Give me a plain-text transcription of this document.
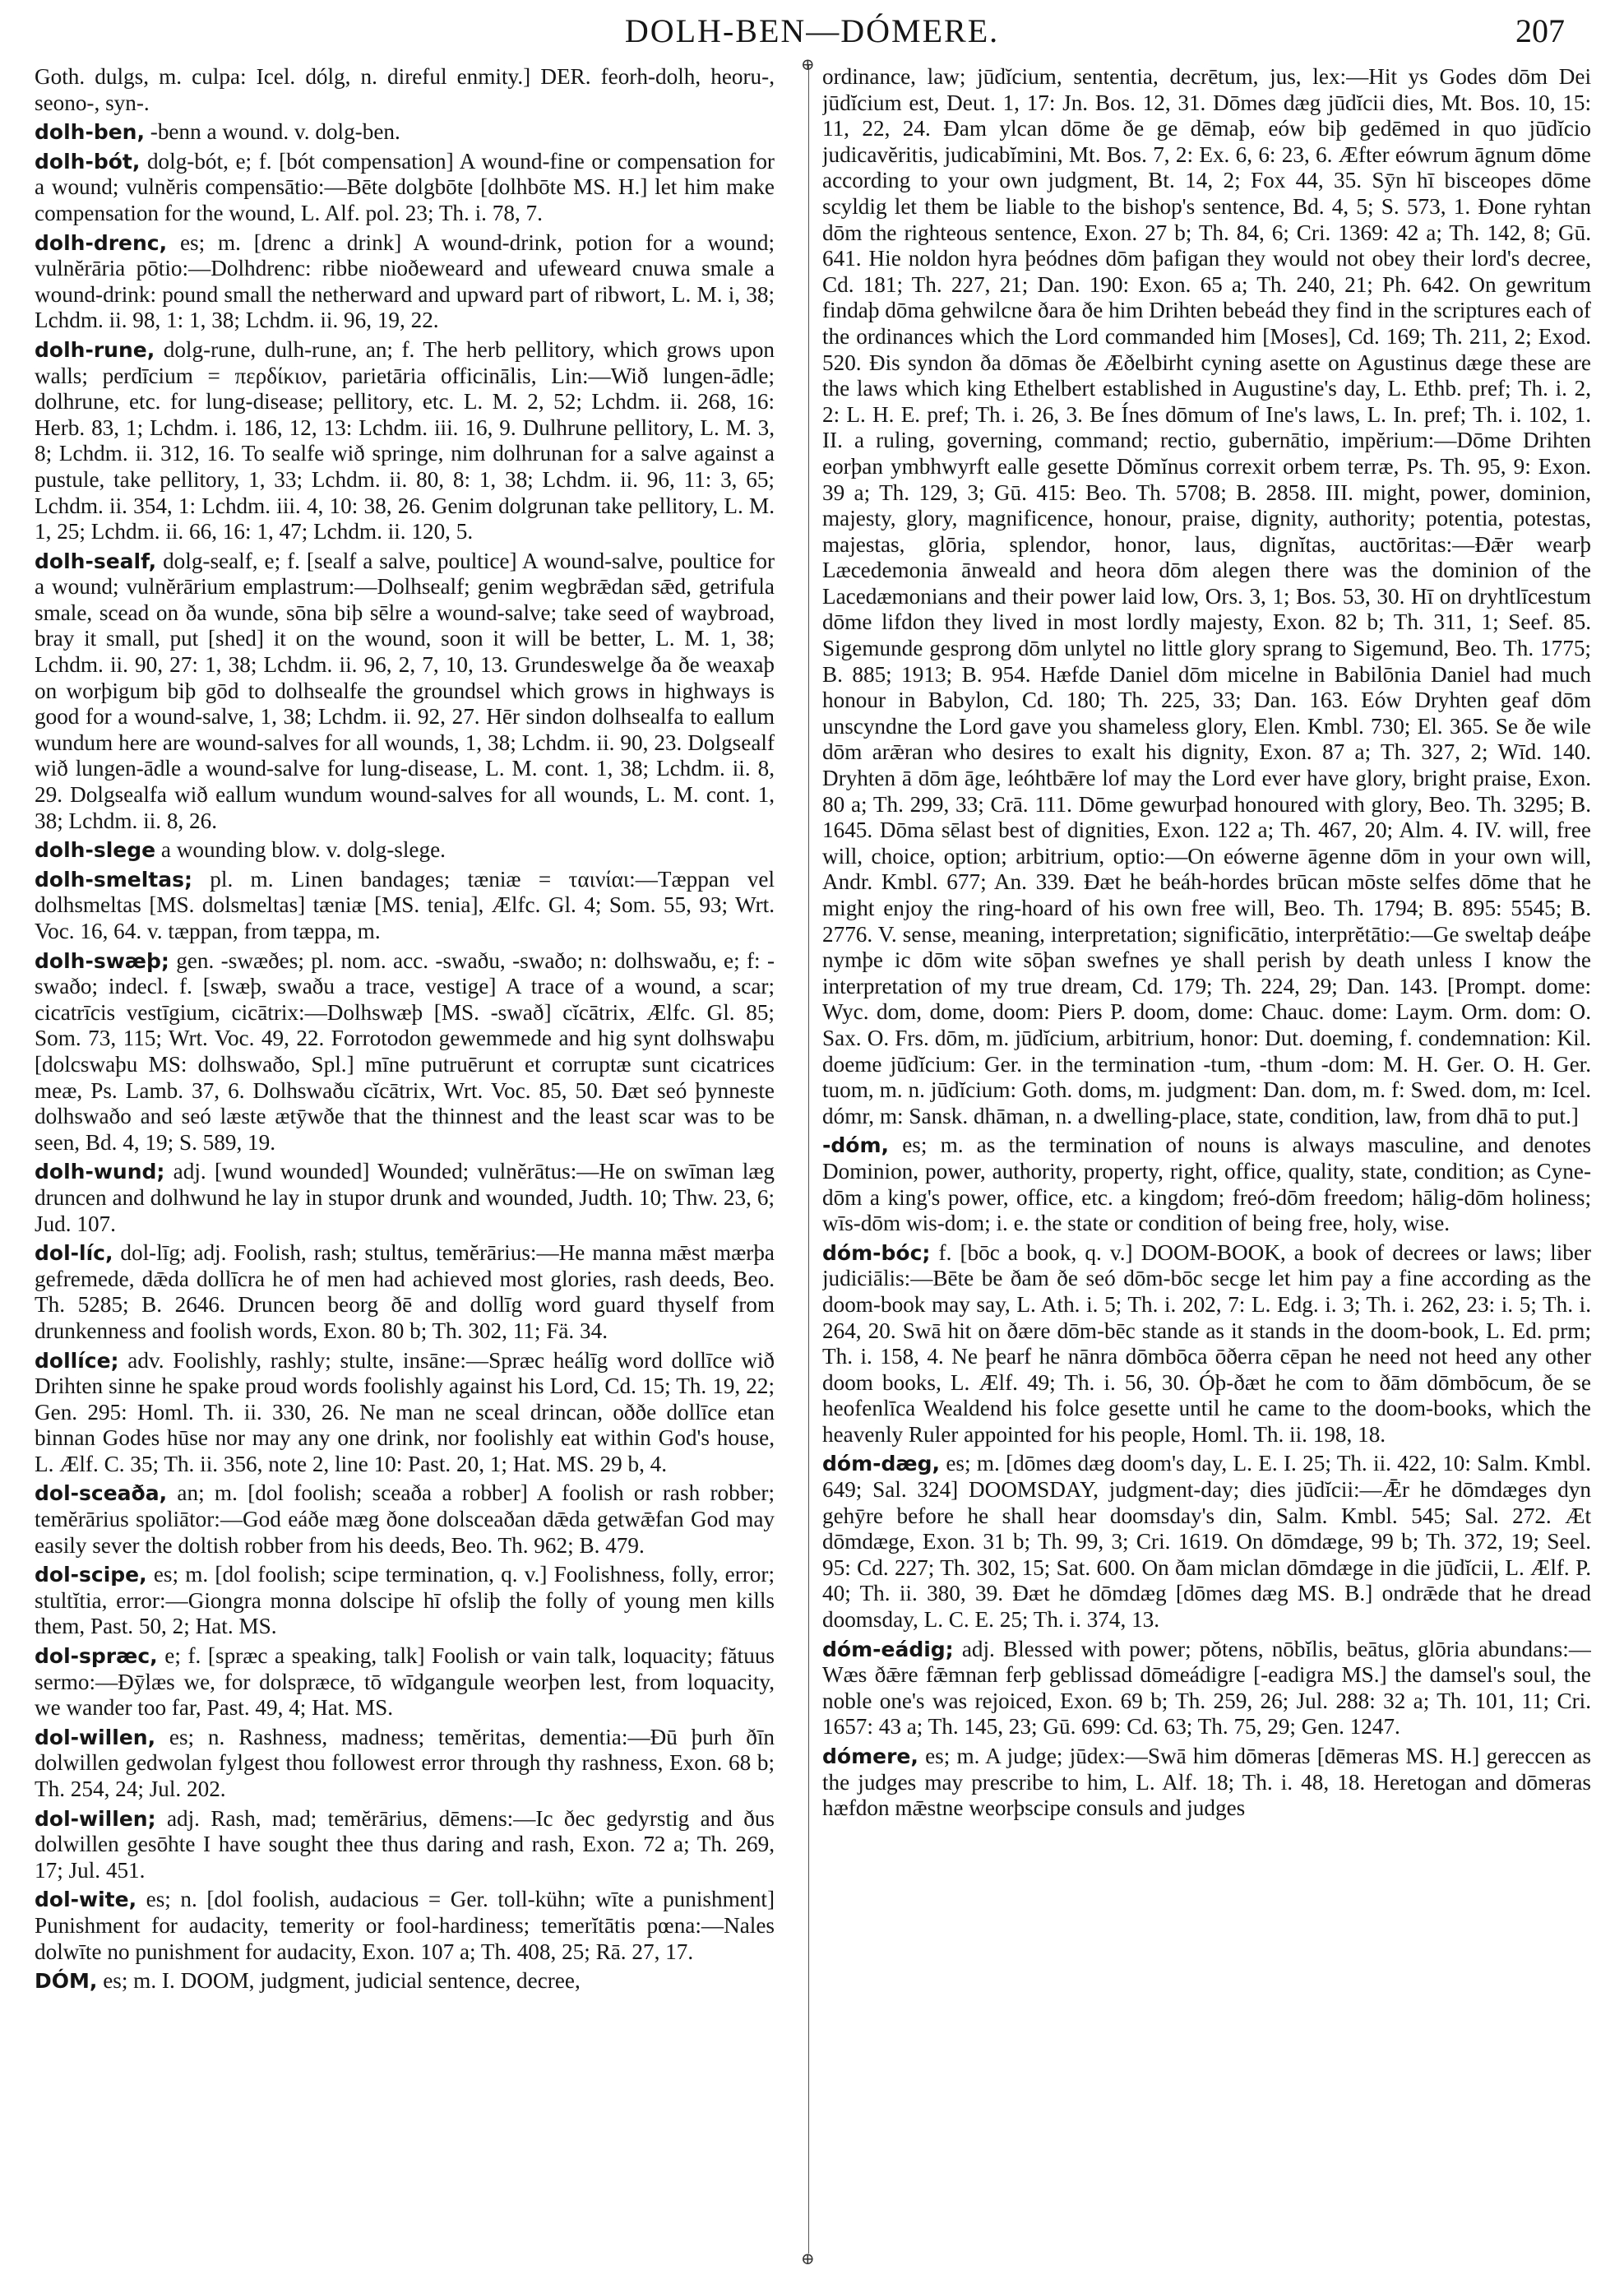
DOLH-BEN—DÓMERE.	207

Goth. dulgs, m. culpa: Icel. dólg, n. direful enmity.] DER. feorh-dolh, heoru-, seono-, syn-.

dolh-ben, -benn a wound. v. dolg-ben.

dolh-bót, dolg-bót, e; f. [bót compensation] A wound-fine or compensation for a wound; vulnĕris compensātio:—Bēte dolgbōte [dolhbōte MS. H.] let him make compensation for the wound, L. Alf. pol. 23; Th. i. 78, 7.

dolh-drenc, es; m. [drenc a drink] A wound-drink, potion for a wound; vulnĕrāria pōtio:—Dolhdrenc: ribbe nioðeweard and ufeweard cnuwa smale a wound-drink: pound small the netherward and upward part of ribwort, L. M. i, 38; Lchdm. ii. 98, 1: 1, 38; Lchdm. ii. 96, 19, 22.

dolh-rune, dolg-rune, dulh-rune, an; f. The herb pellitory, which grows upon walls; perdīcium = περδίκιον, parietāria officinālis, Lin:—Wið lungen-ādle; dolhrune, etc. for lung-disease; pellitory, etc. L. M. 2, 52; Lchdm. ii. 268, 16: Herb. 83, 1; Lchdm. i. 186, 12, 13: Lchdm. iii. 16, 9. Dulhrune pellitory, L. M. 3, 8; Lchdm. ii. 312, 16. To sealfe wið springe, nim dolhrunan for a salve against a pustule, take pellitory, 1, 33; Lchdm. ii. 80, 8: 1, 38; Lchdm. ii. 96, 11: 3, 65; Lchdm. ii. 354, 1: Lchdm. iii. 4, 10: 38, 26. Genim dolgrunan take pellitory, L. M. 1, 25; Lchdm. ii. 66, 16: 1, 47; Lchdm. ii. 120, 5.

dolh-sealf, dolg-sealf, e; f. [sealf a salve, poultice] A wound-salve, poultice for a wound; vulnĕrārium emplastrum:—Dolhsealf; genim wegbrǣdan sǣd, getrifula smale, scead on ða wunde, sōna biþ sēlre a wound-salve; take seed of waybroad, bray it small, put [shed] it on the wound, soon it will be better, L. M. 1, 38; Lchdm. ii. 90, 27: 1, 38; Lchdm. ii. 96, 2, 7, 10, 13. Grundeswelge ða ðe weaxaþ on worþigum biþ gōd to dolhsealfe the groundsel which grows in highways is good for a wound-salve, 1, 38; Lchdm. ii. 92, 27. Hēr sindon dolhsealfa to eallum wundum here are wound-salves for all wounds, 1, 38; Lchdm. ii. 90, 23. Dolgsealf wið lungen-ādle a wound-salve for lung-disease, L. M. cont. 1, 38; Lchdm. ii. 8, 29. Dolgsealfa wið eallum wundum wound-salves for all wounds, L. M. cont. 1, 38; Lchdm. ii. 8, 26.

dolh-slege a wounding blow. v. dolg-slege.

dolh-smeltas; pl. m. Linen bandages; tæniæ = ταινίαι:—Tæppan vel dolhsmeltas [MS. dolsmeltas] tæniæ [MS. tenia], Ælfc. Gl. 4; Som. 55, 93; Wrt. Voc. 16, 64. v. tæppan, from tæppa, m.

dolh-swæþ; gen. -swæðes; pl. nom. acc. -swaðu, -swaðo; n: dolhswaðu, e; f: -swaðo; indecl. f. [swæþ, swaðu a trace, vestige] A trace of a wound, a scar; cicatrīcis vestīgium, cicātrix:—Dolhswæþ [MS. -swað] cĭcātrix, Ælfc. Gl. 85; Som. 73, 115; Wrt. Voc. 49, 22. Forrotodon gewemmede and hig synt dolhswaþu [dolcswaþu MS: dolhswaðo, Spl.] mīne putruērunt et corruptæ sunt cicatrices meæ, Ps. Lamb. 37, 6. Dolhswaðu cĭcātrix, Wrt. Voc. 85, 50. Ðæt seó þynneste dolhswaðo and seó læste ætȳwðe that the thinnest and the least scar was to be seen, Bd. 4, 19; S. 589, 19.

dolh-wund; adj. [wund wounded] Wounded; vulnĕrātus:—He on swīman læg druncen and dolhwund he lay in stupor drunk and wounded, Judth. 10; Thw. 23, 6; Jud. 107.

dol-líc, dol-līg; adj. Foolish, rash; stultus, temĕrārius:—He manna mǣst mærþa gefremede, dǣda dollīcra he of men had achieved most glories, rash deeds, Beo. Th. 5285; B. 2646. Druncen beorg ðē and dollīg word guard thyself from drunkenness and foolish words, Exon. 80 b; Th. 302, 11; Fä. 34.

dollíce; adv. Foolishly, rashly; stulte, insāne:—Spræc heálīg word dollīce wið Drihten sinne he spake proud words foolishly against his Lord, Cd. 15; Th. 19, 22; Gen. 295: Homl. Th. ii. 330, 26. Ne man ne sceal drincan, oððe dollīce etan binnan Godes hūse nor may any one drink, nor foolishly eat within God's house, L. Ælf. C. 35; Th. ii. 356, note 2, line 10: Past. 20, 1; Hat. MS. 29 b, 4.

dol-sceaða, an; m. [dol foolish; sceaða a robber] A foolish or rash robber; temĕrārius spoliātor:—God eáðe mæg ðone dolsceaðan dǣda getwǣfan God may easily sever the doltish robber from his deeds, Beo. Th. 962; B. 479.

dol-scipe, es; m. [dol foolish; scipe termination, q. v.] Foolishness, folly, error; stultĭtia, error:—Giongra monna dolscipe hī ofsliþ the folly of young men kills them, Past. 50, 2; Hat. MS.

dol-spræc, e; f. [spræc a speaking, talk] Foolish or vain talk, loquacity; fătuus sermo:—Ðȳlæs we, for dolspræce, tō wīdgangule weorþen lest, from loquacity, we wander too far, Past. 49, 4; Hat. MS.

dol-willen, es; n. Rashness, madness; temĕritas, dementia:—Ðū þurh ðīn dolwillen gedwolan fylgest thou followest error through thy rashness, Exon. 68 b; Th. 254, 24; Jul. 202.

dol-willen; adj. Rash, mad; temĕrārius, dēmens:—Ic ðec gedyrstig and ðus dolwillen gesōhte I have sought thee thus daring and rash, Exon. 72 a; Th. 269, 17; Jul. 451.

dol-wite, es; n. [dol foolish, audacious = Ger. toll-kühn; wīte a punishment] Punishment for audacity, temerity or fool-hardiness; temerĭtātis pœna:—Nales dolwīte no punishment for audacity, Exon. 107 a; Th. 408, 25; Rā. 27, 17.

DÓM, es; m. I. DOOM, judgment, judicial sentence, decree,

ordinance, law; jūdĭcium, sententia, decrētum, jus, lex:—Hit ys Godes dōm Dei jūdĭcium est, Deut. 1, 17: Jn. Bos. 12, 31. Dōmes dæg jūdĭcii dies, Mt. Bos. 10, 15: 11, 22, 24. Ðam ylcan dōme ðe ge dēmaþ, eów biþ gedēmed in quo jūdĭcio judicavĕritis, judicabĭmini, Mt. Bos. 7, 2: Ex. 6, 6: 23, 6. Æfter eówrum āgnum dōme according to your own judgment, Bt. 14, 2; Fox 44, 35. Sȳn hī bisceopes dōme scyldig let them be liable to the bishop's sentence, Bd. 4, 5; S. 573, 1. Ðone ryhtan dōm the righteous sentence, Exon. 27 b; Th. 84, 6; Cri. 1369: 42 a; Th. 142, 8; Gū. 641. Hie noldon hyra þeódnes dōm þafigan they would not obey their lord's decree, Cd. 181; Th. 227, 21; Dan. 190: Exon. 65 a; Th. 240, 21; Ph. 642. On gewritum findaþ dōma gehwilcne ðara ðe him Drihten bebeád they find in the scriptures each of the ordinances which the Lord commanded him [Moses], Cd. 169; Th. 211, 2; Exod. 520. Ðis syndon ða dōmas ðe Æðelbirht cyning asette on Agustinus dæge these are the laws which king Ethelbert established in Augustine's day, L. Ethb. pref; Th. i. 2, 2: L. H. E. pref; Th. i. 26, 3. Be Ínes dōmum of Ine's laws, L. In. pref; Th. i. 102, 1. II. a ruling, governing, command; rectio, gubernātio, impĕrium:—Dōme Drihten eorþan ymbhwyrft ealle gesette Dŏmĭnus correxit orbem terræ, Ps. Th. 95, 9: Exon. 39 a; Th. 129, 3; Gū. 415: Beo. Th. 5708; B. 2858. III. might, power, dominion, majesty, glory, magnificence, honour, praise, dignity, authority; potentia, potestas, majestas, glōria, splendor, honor, laus, dignĭtas, auctōritas:—Ðǣr wearþ Læcedemonia ānweald and heora dōm alegen there was the dominion of the Lacedæmonians and their power laid low, Ors. 3, 1; Bos. 53, 30. Hī on dryhtlīcestum dōme lifdon they lived in most lordly majesty, Exon. 82 b; Th. 311, 1; Seef. 85. Sigemunde gesprong dōm unlytel no little glory sprang to Sigemund, Beo. Th. 1775; B. 885; 1913; B. 954. Hæfde Daniel dōm micelne in Babilōnia Daniel had much honour in Babylon, Cd. 180; Th. 225, 33; Dan. 163. Eów Dryhten geaf dōm unscyndne the Lord gave you shameless glory, Elen. Kmbl. 730; El. 365. Se ðe wile dōm arǣran who desires to exalt his dignity, Exon. 87 a; Th. 327, 2; Wīd. 140. Dryhten ā dōm āge, leóhtbǣre lof may the Lord ever have glory, bright praise, Exon. 80 a; Th. 299, 33; Crā. 111. Dōme gewurþad honoured with glory, Beo. Th. 3295; B. 1645. Dōma sēlast best of dignities, Exon. 122 a; Th. 467, 20; Alm. 4. IV. will, free will, choice, option; arbitrium, optio:—On eówerne āgenne dōm in your own will, Andr. Kmbl. 677; An. 339. Ðæt he beáh-hordes brūcan mōste selfes dōme that he might enjoy the ring-hoard of his own free will, Beo. Th. 1794; B. 895: 5545; B. 2776. V. sense, meaning, interpretation; significātio, interprĕtātio:—Ge sweltaþ deáþe nymþe ic dōm wite sōþan swefnes ye shall perish by death unless I know the interpretation of my true dream, Cd. 179; Th. 224, 29; Dan. 143. [Prompt. dome: Wyc. dom, dome, doom: Piers P. doom, dome: Chauc. dome: Laym. Orm. dom: O. Sax. O. Frs. dōm, m. jūdĭcium, arbitrium, honor: Dut. doeming, f. condemnation: Kil. doeme jūdĭcium: Ger. in the termination -tum, -thum -dom: M. H. Ger. O. H. Ger. tuom, m. n. jūdĭcium: Goth. doms, m. judgment: Dan. dom, m. f: Swed. dom, m: Icel. dómr, m: Sansk. dhāman, n. a dwelling-place, state, condition, law, from dhā to put.]

-dóm, es; m. as the termination of nouns is always masculine, and denotes Dominion, power, authority, property, right, office, quality, state, condition; as Cyne-dōm a king's power, office, etc. a kingdom; freó-dōm freedom; hālig-dōm holiness; wīs-dōm wis-dom; i. e. the state or condition of being free, holy, wise.

dóm-bóc; f. [bōc a book, q. v.] DOOM-BOOK, a book of decrees or laws; liber judiciālis:—Bēte be ðam ðe seó dōm-bōc secge let him pay a fine according as the doom-book may say, L. Ath. i. 5; Th. i. 202, 7: L. Edg. i. 3; Th. i. 262, 23: i. 5; Th. i. 264, 20. Swā hit on ðære dōm-bēc stande as it stands in the doom-book, L. Ed. prm; Th. i. 158, 4. Ne þearf he nānra dōmbōca ōðerra cēpan he need not heed any other doom books, L. Ælf. 49; Th. i. 56, 30. Óþ-ðæt he com to ðām dōmbōcum, ðe se heofenlīca Wealdend his folce gesette until he came to the doom-books, which the heavenly Ruler appointed for his people, Homl. Th. ii. 198, 18.

dóm-dæg, es; m. [dōmes dæg doom's day, L. E. I. 25; Th. ii. 422, 10: Salm. Kmbl. 649; Sal. 324] DOOMSDAY, judgment-day; dies jūdĭcii:—Ǣr he dōmdæges dyn gehȳre before he shall hear doomsday's din, Salm. Kmbl. 545; Sal. 272. Æt dōmdæge, Exon. 31 b; Th. 99, 3; Cri. 1619. On dōmdæge, 99 b; Th. 372, 19; Seel. 95: Cd. 227; Th. 302, 15; Sat. 600. On ðam miclan dōmdæge in die jūdĭcii, L. Ælf. P. 40; Th. ii. 380, 39. Ðæt he dōmdæg [dōmes dæg MS. B.] ondrǣde that he dread doomsday, L. C. E. 25; Th. i. 374, 13.

dóm-eádig; adj. Blessed with power; pŏtens, nōbĭlis, beātus, glōria abundans:—Wæs ðǣre fǣmnan ferþ geblissad dōmeádigre [-eadigra MS.] the damsel's soul, the noble one's was rejoiced, Exon. 69 b; Th. 259, 26; Jul. 288: 32 a; Th. 101, 11; Cri. 1657: 43 a; Th. 145, 23; Gū. 699: Cd. 63; Th. 75, 29; Gen. 1247.

dómere, es; m. A judge; jūdex:—Swā him dōmeras [dēmeras MS. H.] gereccen as the judges may prescribe to him, L. Alf. 18; Th. i. 48, 18. Heretogan and dōmeras hæfdon mǣstne weorþscipe consuls and judges

⊕
⊕
